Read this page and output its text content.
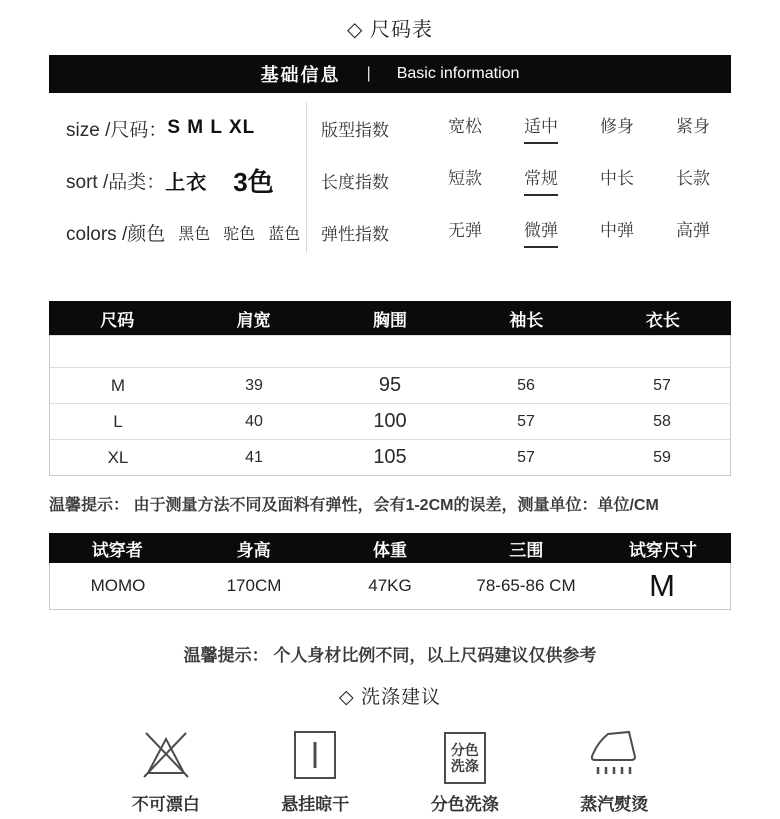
◇ 尺码表
基础信息 | Basic information
size /尺码： S M L XL
sort /品类： 上衣 3色
colors /颜色 黑色 驼色 蓝色
版型指数	宽松	适中	修身	紧身
长度指数	短款	常规	中长	长款
弹性指数	无弹	微弹	中弹	高弹
尺码	肩宽	胸围	袖长	衣长
M	39	95	56	57
L	40	100	57	58
XL	41	105	57	59
温馨提示： 由于测量方法不同及面料有弹性，会有1-2CM的误差，测量单位：单位/CM
试穿者	身高	体重	三围	试穿尺寸
MOMO	170CM	47KG	78-65-86 CM	M
温馨提示： 个人身材比例不同，以上尺码建议仅供参考
◇ 洗涤建议
不可漂白	悬挂晾干
分色
洗涤
分色洗涤	蒸汽熨烫
